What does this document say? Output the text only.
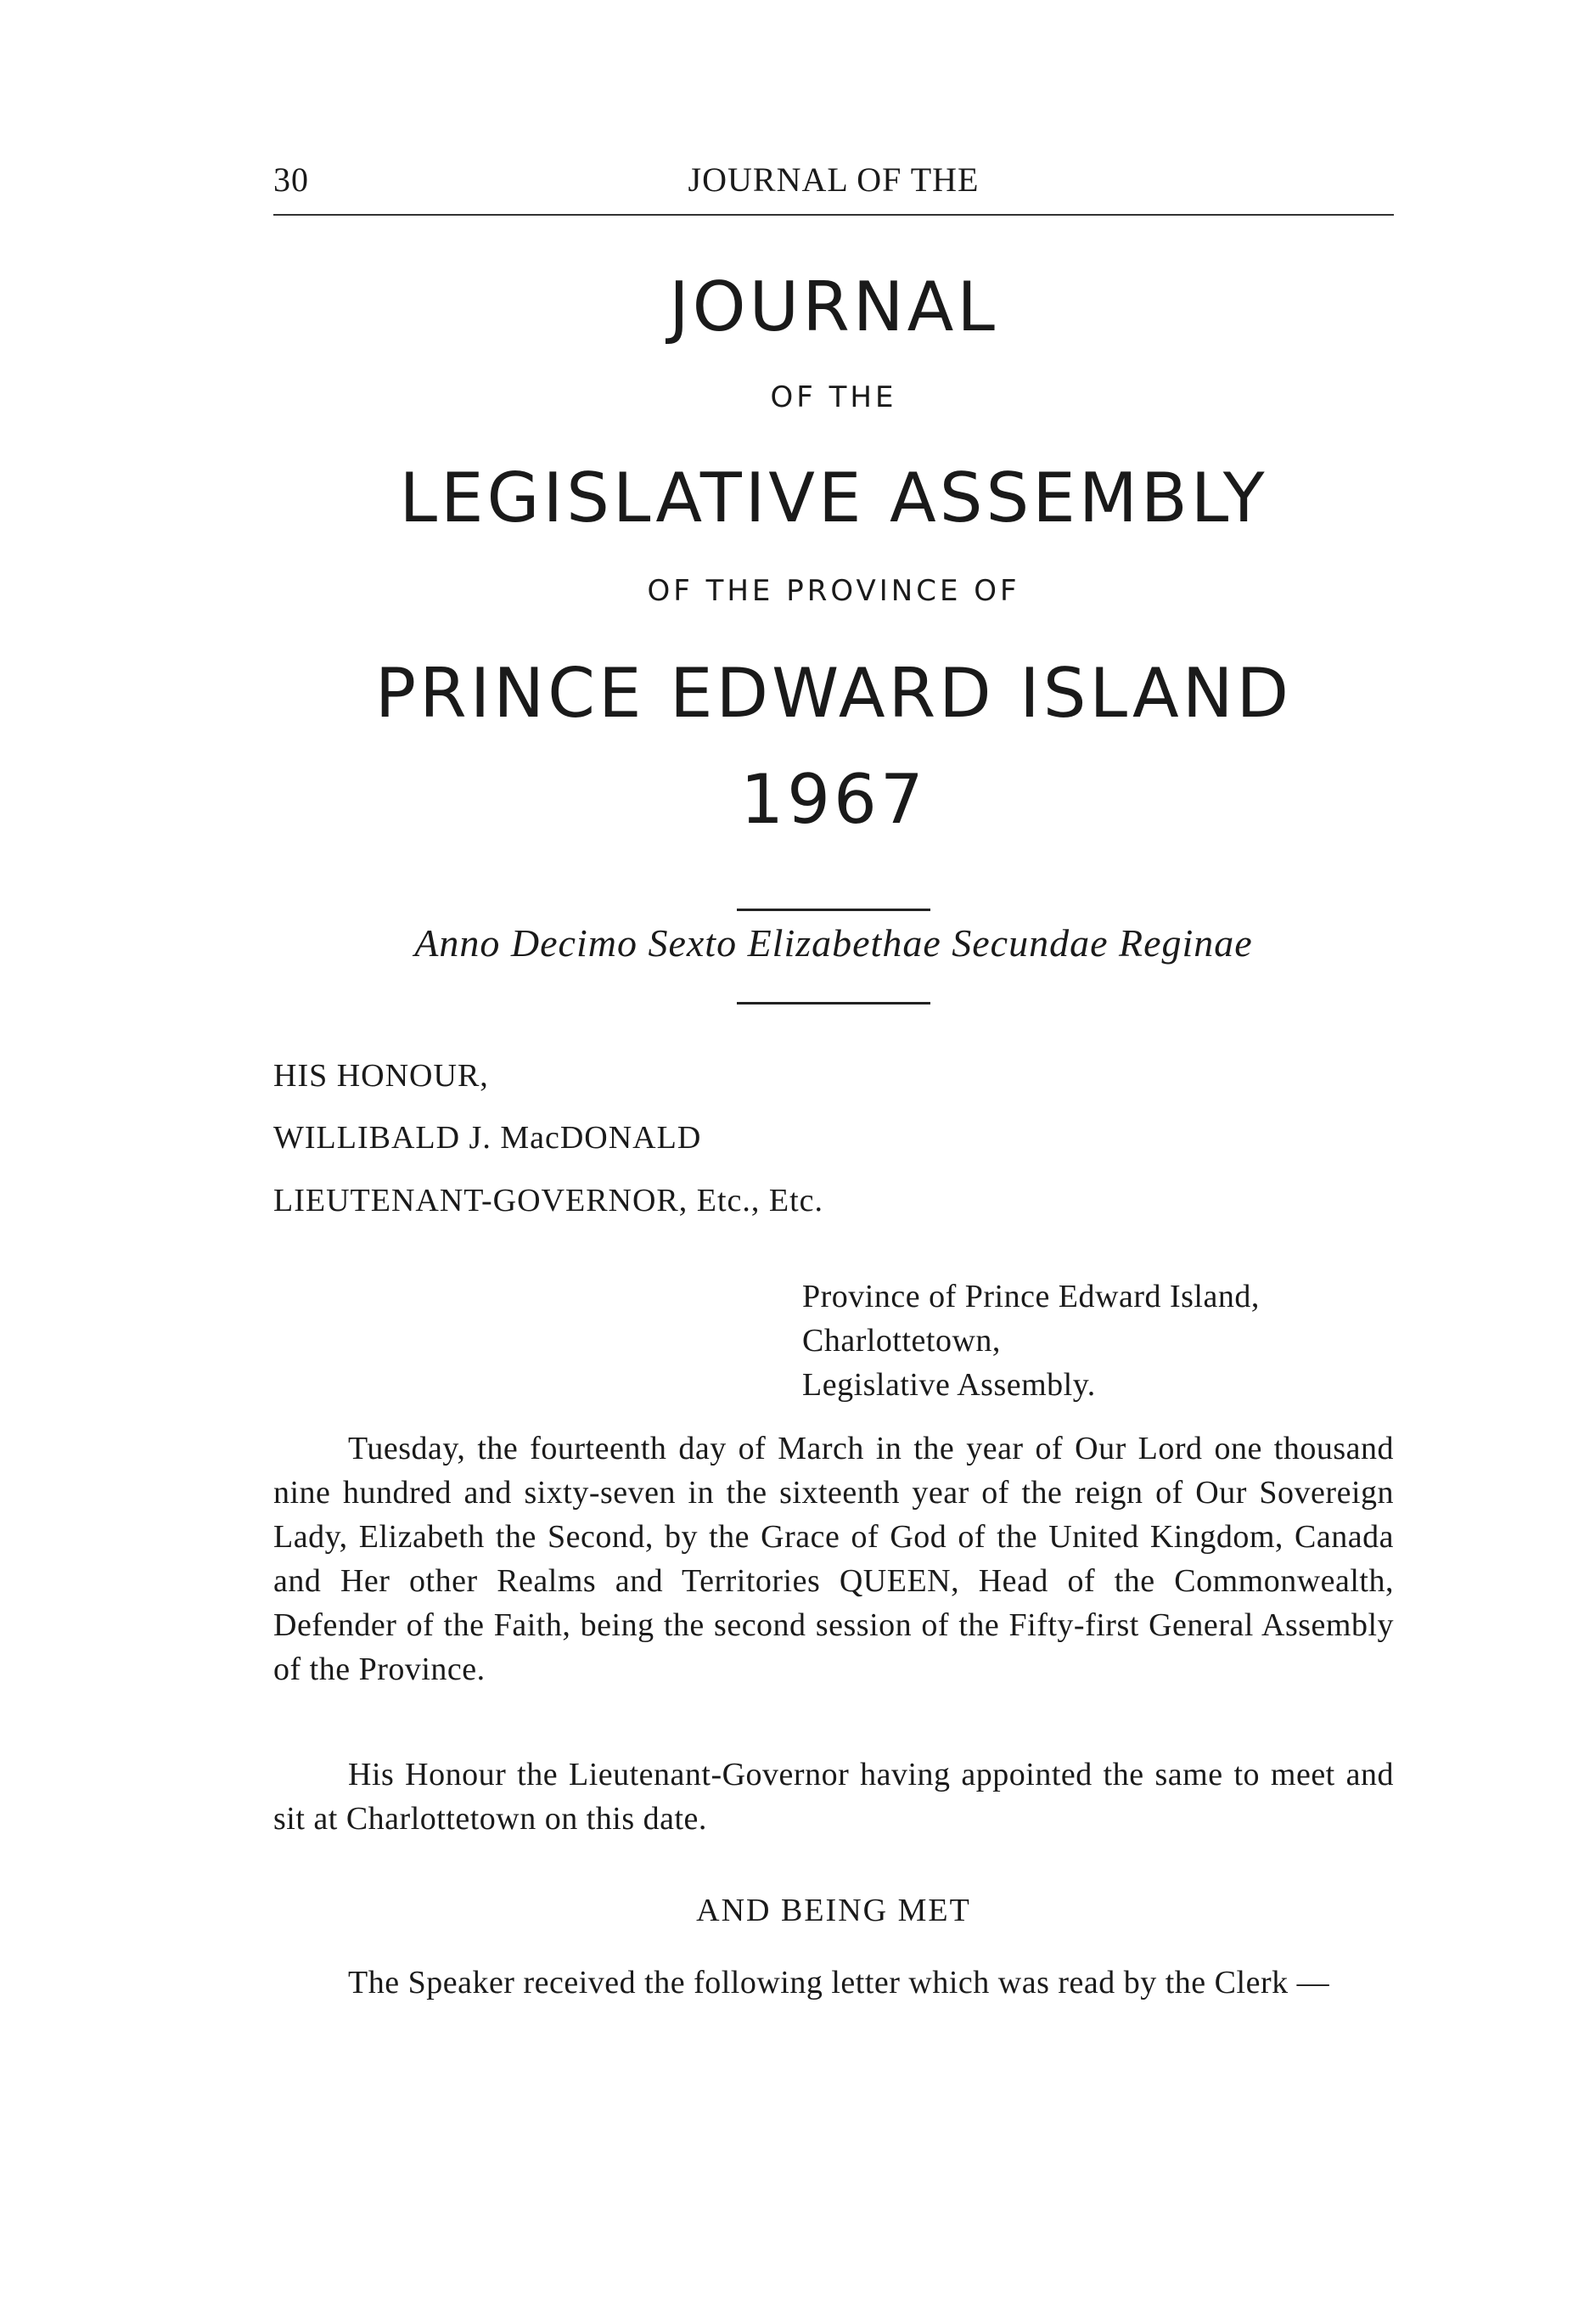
30	JOURNAL OF THE
JOURNAL
OF THE
LEGISLATIVE ASSEMBLY
OF THE PROVINCE OF
PRINCE EDWARD ISLAND
1967
Anno Decimo Sexto Elizabethae Secundae Reginae
HIS HONOUR,
WILLIBALD J. MacDONALD
LIEUTENANT-GOVERNOR, Etc., Etc.
Province of Prince Edward Island,
Charlottetown,
Legislative Assembly.
Tuesday, the fourteenth day of March in the year of Our Lord one thousand nine hundred and sixty-seven in the sixteenth year of the reign of Our Sovereign Lady, Elizabeth the Second, by the Grace of God of the United Kingdom, Canada and Her other Realms and Territories QUEEN, Head of the Commonwealth, Defender of the Faith, being the second session of the Fifty-first General Assembly of the Province.
His Honour the Lieutenant-Governor having appointed the same to meet and sit at Charlottetown on this date.
AND BEING MET
The Speaker received the following letter which was read by the Clerk —
